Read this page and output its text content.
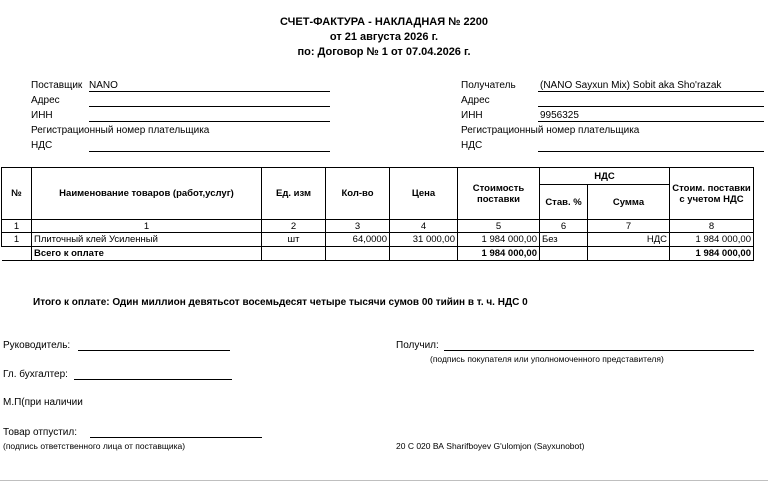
СЧЕТ-ФАКТУРА - НАКЛАДНАЯ № 2200
от 21 августа 2026 г.
по: Договор № 1 от 07.04.2026 г.
Поставщик NANO
Адрес
ИНН
Регистрационный номер плательщика
НДС
Получатель (NANO Sayxun Mix) Sobit aka Sho'razak
Адрес
ИНН	9956325
Регистрационный номер плательщика
НДС
№	Наименование товаров (работ,услуг)	Ед. изм	Кол-во	Цена	Стоимость поставки	НДС		Стоим. поставки с учетом НДС
						Став. %	Сумма	
1	1	2	3	4	5	6	7	8
1	Плиточный клей Усиленный	шт	64,0000	31 000,00	1 984 000,00	Без	НДС	1 984 000,00
	Всего к оплате				1 984 000,00			1 984 000,00
Итого к оплате: Один миллион девятьсот восемьдесят четыре тысячи сумов 00 тийин в т. ч. НДС 0
Руководитель:
Гл. бухгалтер:
М.П(при наличии
Товар отпустил:
(подпись ответственного лица от поставщика)
Получил:
(подпись покупателя или уполномоченного представителя)
20 С 020 ВА Sharifboyev G'ulomjon (Sayxunobot)
